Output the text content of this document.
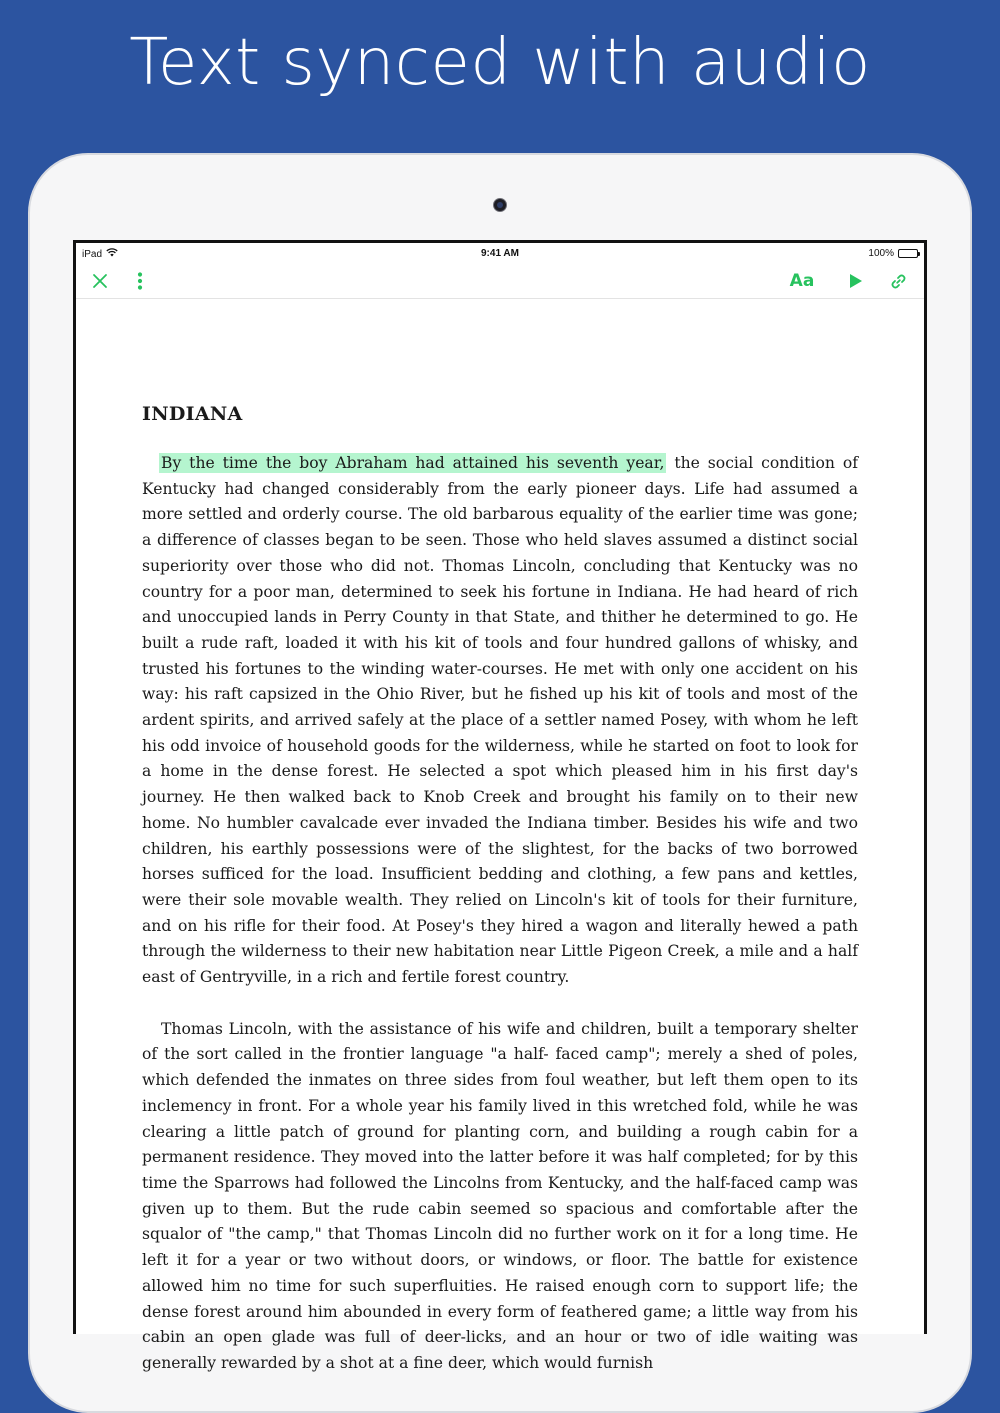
Text synced with audio
iPad	9:41 AM	100%
Aa
INDIANA

By the time the boy Abraham had attained his seventh year, the social condition of Kentucky had changed considerably from the early pioneer days. Life had assumed a more settled and orderly course. The old barbarous equality of the earlier time was gone; a difference of classes began to be seen. Those who held slaves assumed a distinct social superiority over those who did not. Thomas Lincoln, concluding that Kentucky was no country for a poor man, determined to seek his fortune in Indiana. He had heard of rich and unoccupied lands in Perry County in that State, and thither he determined to go. He built a rude raft, loaded it with his kit of tools and four hundred gallons of whisky, and trusted his fortunes to the winding water-courses. He met with only one accident on his way: his raft capsized in the Ohio River, but he fished up his kit of tools and most of the ardent spirits, and arrived safely at the place of a settler named Posey, with whom he left his odd invoice of household goods for the wilderness, while he started on foot to look for a home in the dense forest. He selected a spot which pleased him in his first day's journey. He then walked back to Knob Creek and brought his family on to their new home. No humbler cavalcade ever invaded the Indiana timber. Besides his wife and two children, his earthly possessions were of the slightest, for the backs of two borrowed horses sufficed for the load. Insufficient bedding and clothing, a few pans and kettles, were their sole movable wealth. They relied on Lincoln's kit of tools for their furniture, and on his rifle for their food. At Posey's they hired a wagon and literally hewed a path through the wilderness to their new habitation near Little Pigeon Creek, a mile and a half east of Gentryville, in a rich and fertile forest country.

Thomas Lincoln, with the assistance of his wife and children, built a temporary shelter of the sort called in the frontier language "a half- faced camp"; merely a shed of poles, which defended the inmates on three sides from foul weather, but left them open to its inclemency in front. For a whole year his family lived in this wretched fold, while he was clearing a little patch of ground for planting corn, and building a rough cabin for a permanent residence. They moved into the latter before it was half completed; for by this time the Sparrows had followed the Lincolns from Kentucky, and the half-faced camp was given up to them. But the rude cabin seemed so spacious and comfortable after the squalor of "the camp," that Thomas Lincoln did no further work on it for a long time. He left it for a year or two without doors, or windows, or floor. The battle for existence allowed him no time for such superfluities. He raised enough corn to support life; the dense forest around him abounded in every form of feathered game; a little way from his cabin an open glade was full of deer-licks, and an hour or two of idle waiting was generally rewarded by a shot at a fine deer, which would furnish
